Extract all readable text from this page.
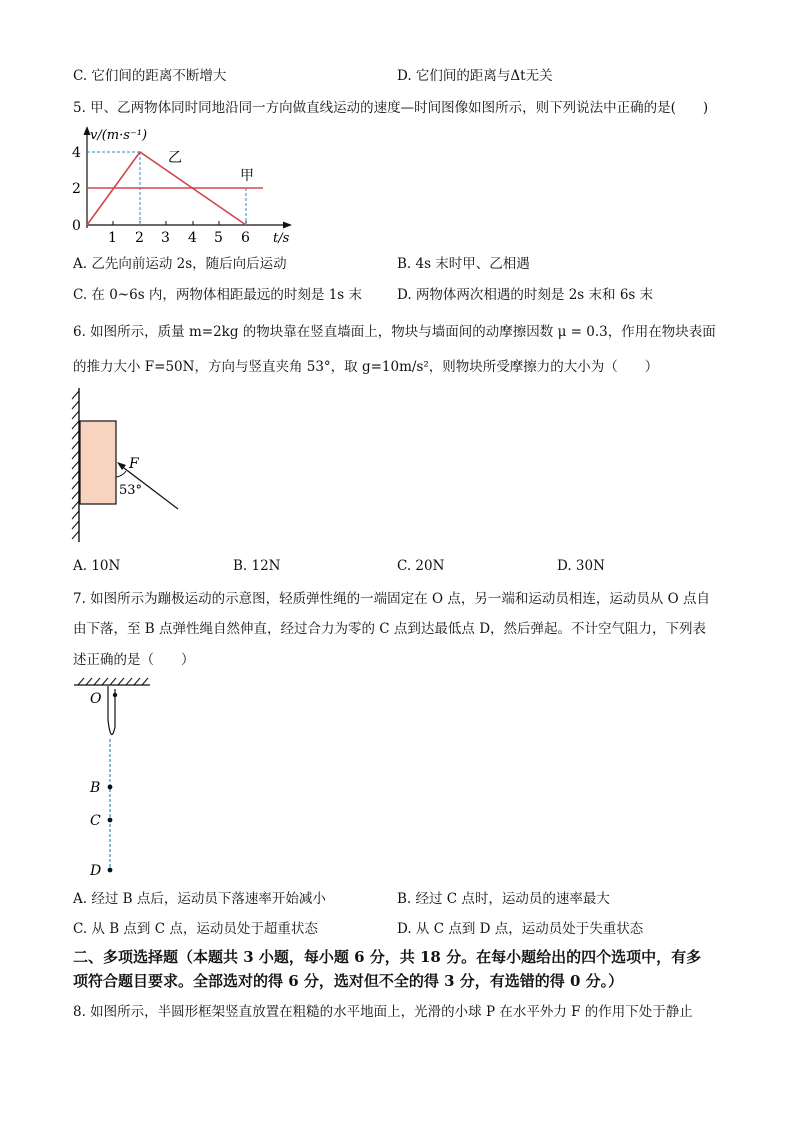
C. 它们间的距离不断增大	D. 它们间的距离与Δt无关
5. 甲、乙两物体同时同地沿同一方向做直线运动的速度—时间图像如图所示，则下列说法中正确的是(　　)
v/(m·s⁻¹)
t/s
乙
甲
4
2
0
1 2 3 4 5 6
A. 乙先向前运动 2s，随后向后运动	B. 4s 末时甲、乙相遇
C. 在 0~6s 内，两物体相距最远的时刻是 1s 末	D. 两物体两次相遇的时刻是 2s 末和 6s 末
6. 如图所示，质量 m=2kg 的物块靠在竖直墙面上，物块与墙面间的动摩擦因数 μ = 0.3，作用在物块表面
的推力大小 F=50N，方向与竖直夹角 53°，取 g=10m/s²，则物块所受摩擦力的大小为（　　）
F
53°
A. 10N	B. 12N	C. 20N	D. 30N
7. 如图所示为蹦极运动的示意图，轻质弹性绳的一端固定在 O 点，另一端和运动员相连，运动员从 O 点自
由下落，至 B 点弹性绳自然伸直，经过合力为零的 C 点到达最低点 D，然后弹起。不计空气阻力，下列表
述正确的是（　　）
O
B
C
D
A. 经过 B 点后，运动员下落速率开始减小	B. 经过 C 点时，运动员的速率最大
C. 从 B 点到 C 点，运动员处于超重状态	D. 从 C 点到 D 点，运动员处于失重状态
二、多项选择题（本题共 3 小题，每小题 6 分，共 18 分。在每小题给出的四个选项中，有多
项符合题目要求。全部选对的得 6 分，选对但不全的得 3 分，有选错的得 0 分。）
8. 如图所示，半圆形框架竖直放置在粗糙的水平地面上，光滑的小球 P 在水平外力 F 的作用下处于静止
